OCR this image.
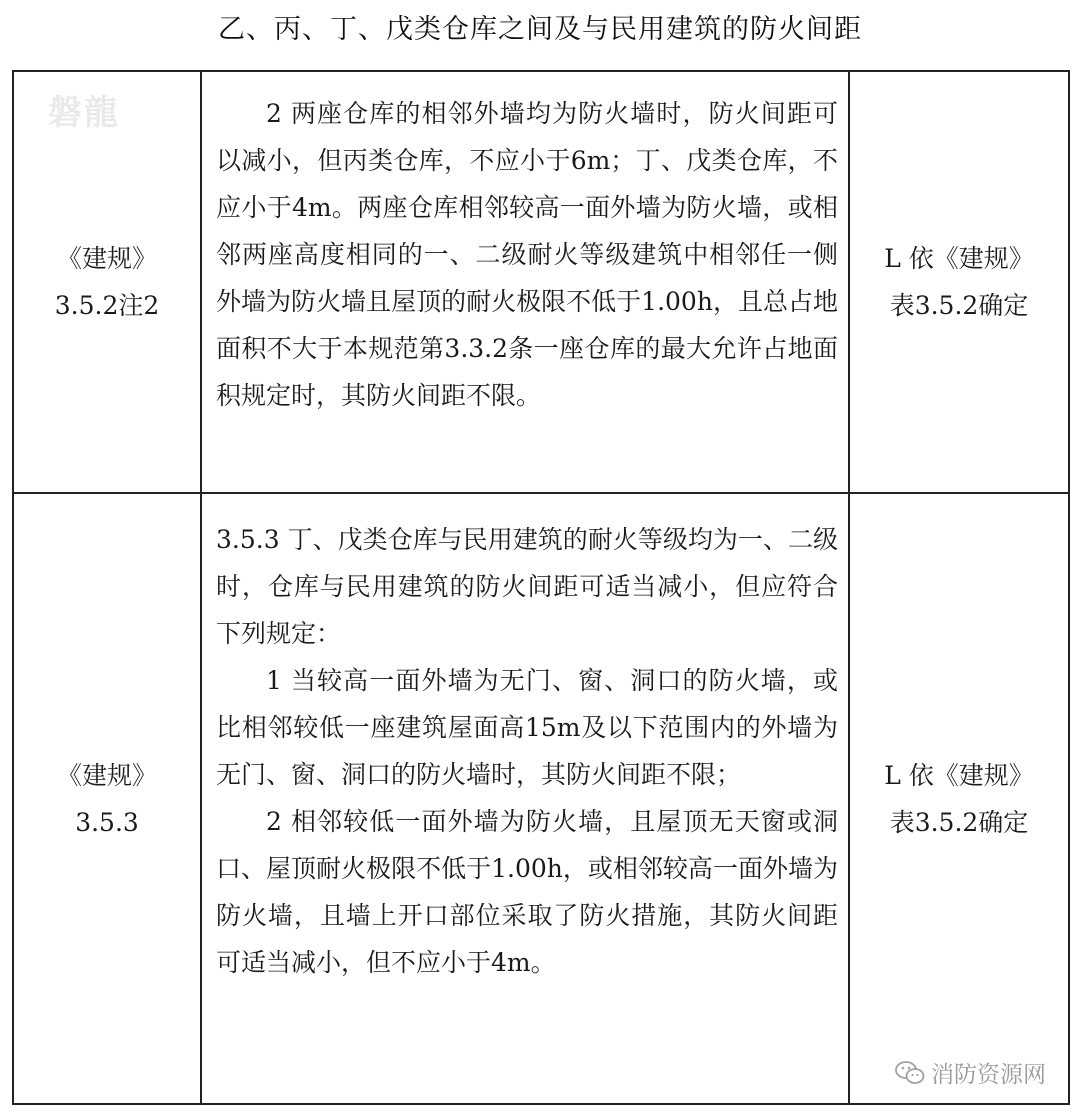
乙、丙、丁、戊类仓库之间及与民用建筑的防火间距
磐龍
《建规》
3.5.2注2

2 两座仓库的相邻外墙均为防火墙时，防火间距可以减小，但丙类仓库，不应小于6m；丁、戊类仓库，不应小于4m。两座仓库相邻较高一面外墙为防火墙，或相邻两座高度相同的一、二级耐火等级建筑中相邻任一侧外墙为防火墙且屋顶的耐火极限不低于1.00h，且总占地面积不大于本规范第3.3.2条一座仓库的最大允许占地面积规定时，其防火间距不限。

L 依《建规》
表3.5.2确定
《建规》
3.5.3

3.5.3 丁、戊类仓库与民用建筑的耐火等级均为一、二级时，仓库与民用建筑的防火间距可适当减小，但应符合下列规定：

1 当较高一面外墙为无门、窗、洞口的防火墙，或比相邻较低一座建筑屋面高15m及以下范围内的外墙为无门、窗、洞口的防火墙时，其防火间距不限；

2 相邻较低一面外墙为防火墙，且屋顶无天窗或洞口、屋顶耐火极限不低于1.00h，或相邻较高一面外墙为防火墙，且墙上开口部位采取了防火措施，其防火间距可适当减小，但不应小于4m。

L 依《建规》
表3.5.2确定
消防资源网
